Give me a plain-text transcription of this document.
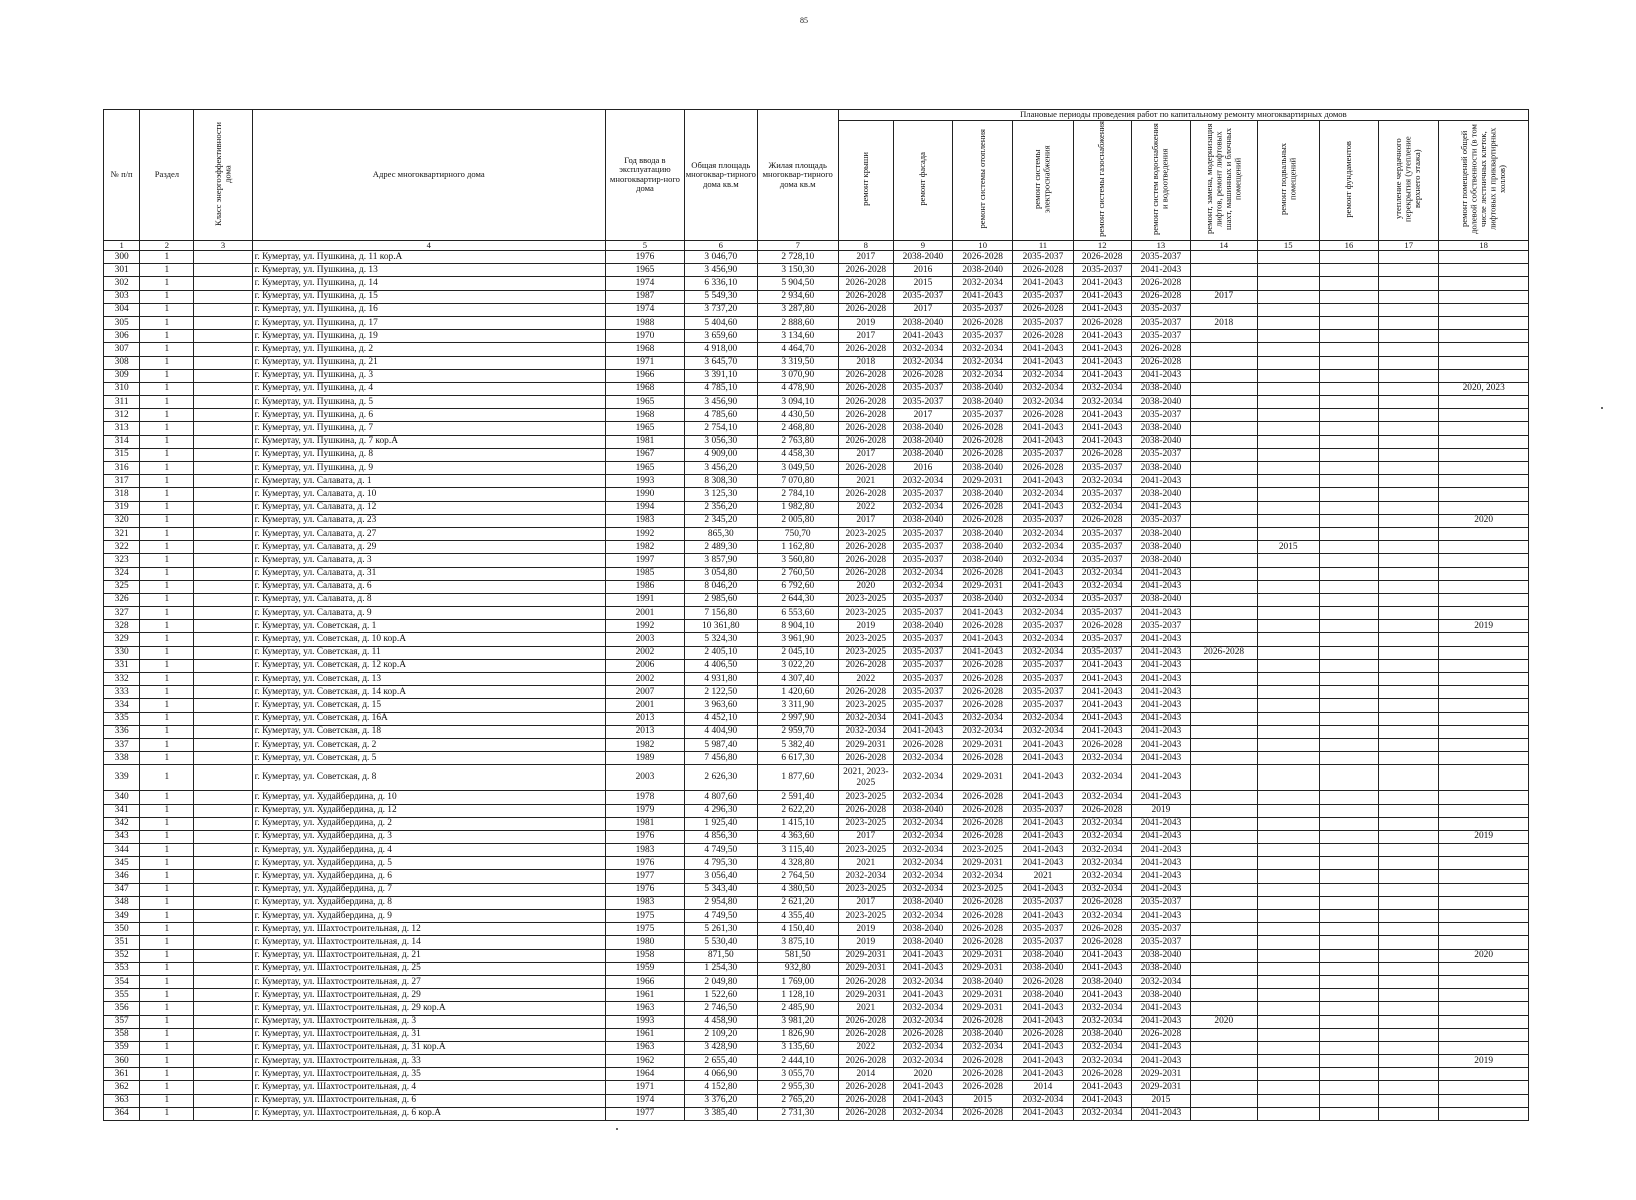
85
№ п/п	Раздел	Класс энергоэффективности дома	Адрес многоквартирного дома	Год ввода в эксплуатацию многоквартир-ного дома	Общая площадь многоквар-тирного дома кв.м	Жилая площадь многоквар-тирного дома кв.м	Плановые периоды проведения работ по капитальному ремонту многоквартирных домов										
							ремонт крыши	ремонт фасада	ремонт системы отопления	ремонт системы электроснабжения	ремонт системы газоснабжения	ремонт систем водоснабжения и водоотведения	ремонт, замена, модернизация лифтов, ремонт лифтовых шахт, машинных и блочных помещений	ремонт подвальных помещений	ремонт фундаментов	утепление чердачного перекрытия (утепление верхнего этажа)	ремонт помещений общей долевой собственности (в том числе лестничных клеток, лифтовых и приквартирных холлов)
1	2	3	4	5	6	7	8	9	10	11	12	13	14	15	16	17	18
300	1		г. Кумертау, ул. Пушкина, д. 11 кор.А	1976	3 046,70	2 728,10	2017	2038-2040	2026-2028	2035-2037	2026-2028	2035-2037					
301	1		г. Кумертау, ул. Пушкина, д. 13	1965	3 456,90	3 150,30	2026-2028	2016	2038-2040	2026-2028	2035-2037	2041-2043					
302	1		г. Кумертау, ул. Пушкина, д. 14	1974	6 336,10	5 904,50	2026-2028	2015	2032-2034	2041-2043	2041-2043	2026-2028					
303	1		г. Кумертау, ул. Пушкина, д. 15	1987	5 549,30	2 934,60	2026-2028	2035-2037	2041-2043	2035-2037	2041-2043	2026-2028	2017				
304	1		г. Кумертау, ул. Пушкина, д. 16	1974	3 737,20	3 287,80	2026-2028	2017	2035-2037	2026-2028	2041-2043	2035-2037					
305	1		г. Кумертау, ул. Пушкина, д. 17	1988	5 404,60	2 888,60	2019	2038-2040	2026-2028	2035-2037	2026-2028	2035-2037	2018				
306	1		г. Кумертау, ул. Пушкина, д. 19	1970	3 659,60	3 134,60	2017	2041-2043	2035-2037	2026-2028	2041-2043	2035-2037					
307	1		г. Кумертау, ул. Пушкина, д. 2	1968	4 918,00	4 464,70	2026-2028	2032-2034	2032-2034	2041-2043	2041-2043	2026-2028					
308	1		г. Кумертау, ул. Пушкина, д. 21	1971	3 645,70	3 319,50	2018	2032-2034	2032-2034	2041-2043	2041-2043	2026-2028					
309	1		г. Кумертау, ул. Пушкина, д. 3	1966	3 391,10	3 070,90	2026-2028	2026-2028	2032-2034	2032-2034	2041-2043	2041-2043					
310	1		г. Кумертау, ул. Пушкина, д. 4	1968	4 785,10	4 478,90	2026-2028	2035-2037	2038-2040	2032-2034	2032-2034	2038-2040					2020, 2023
311	1		г. Кумертау, ул. Пушкина, д. 5	1965	3 456,90	3 094,10	2026-2028	2035-2037	2038-2040	2032-2034	2032-2034	2038-2040					
312	1		г. Кумертау, ул. Пушкина, д. 6	1968	4 785,60	4 430,50	2026-2028	2017	2035-2037	2026-2028	2041-2043	2035-2037					
313	1		г. Кумертау, ул. Пушкина, д. 7	1965	2 754,10	2 468,80	2026-2028	2038-2040	2026-2028	2041-2043	2041-2043	2038-2040					
314	1		г. Кумертау, ул. Пушкина, д. 7 кор.А	1981	3 056,30	2 763,80	2026-2028	2038-2040	2026-2028	2041-2043	2041-2043	2038-2040					
315	1		г. Кумертау, ул. Пушкина, д. 8	1967	4 909,00	4 458,30	2017	2038-2040	2026-2028	2035-2037	2026-2028	2035-2037					
316	1		г. Кумертау, ул. Пушкина, д. 9	1965	3 456,20	3 049,50	2026-2028	2016	2038-2040	2026-2028	2035-2037	2038-2040					
317	1		г. Кумертау, ул. Салавата, д. 1	1993	8 308,30	7 070,80	2021	2032-2034	2029-2031	2041-2043	2032-2034	2041-2043					
318	1		г. Кумертау, ул. Салавата, д. 10	1990	3 125,30	2 784,10	2026-2028	2035-2037	2038-2040	2032-2034	2035-2037	2038-2040					
319	1		г. Кумертау, ул. Салавата, д. 12	1994	2 356,20	1 982,80	2022	2032-2034	2026-2028	2041-2043	2032-2034	2041-2043					
320	1		г. Кумертау, ул. Салавата, д. 23	1983	2 345,20	2 005,80	2017	2038-2040	2026-2028	2035-2037	2026-2028	2035-2037					2020
321	1		г. Кумертау, ул. Салавата, д. 27	1992	865,30	750,70	2023-2025	2035-2037	2038-2040	2032-2034	2035-2037	2038-2040					
322	1		г. Кумертау, ул. Салавата, д. 29	1982	2 489,30	1 162,80	2026-2028	2035-2037	2038-2040	2032-2034	2035-2037	2038-2040		2015			
323	1		г. Кумертау, ул. Салавата, д. 3	1997	3 857,90	3 560,80	2026-2028	2035-2037	2038-2040	2032-2034	2035-2037	2038-2040					
324	1		г. Кумертау, ул. Салавата, д. 31	1985	3 054,80	2 760,50	2026-2028	2032-2034	2026-2028	2041-2043	2032-2034	2041-2043					
325	1		г. Кумертау, ул. Салавата, д. 6	1986	8 046,20	6 792,60	2020	2032-2034	2029-2031	2041-2043	2032-2034	2041-2043					
326	1		г. Кумертау, ул. Салавата, д. 8	1991	2 985,60	2 644,30	2023-2025	2035-2037	2038-2040	2032-2034	2035-2037	2038-2040					
327	1		г. Кумертау, ул. Салавата, д. 9	2001	7 156,80	6 553,60	2023-2025	2035-2037	2041-2043	2032-2034	2035-2037	2041-2043					
328	1		г. Кумертау, ул. Советская, д. 1	1992	10 361,80	8 904,10	2019	2038-2040	2026-2028	2035-2037	2026-2028	2035-2037					2019
329	1		г. Кумертау, ул. Советская, д. 10 кор.А	2003	5 324,30	3 961,90	2023-2025	2035-2037	2041-2043	2032-2034	2035-2037	2041-2043					
330	1		г. Кумертау, ул. Советская, д. 11	2002	2 405,10	2 045,10	2023-2025	2035-2037	2041-2043	2032-2034	2035-2037	2041-2043	2026-2028				
331	1		г. Кумертау, ул. Советская, д. 12 кор.А	2006	4 406,50	3 022,20	2026-2028	2035-2037	2026-2028	2035-2037	2041-2043	2041-2043					
332	1		г. Кумертау, ул. Советская, д. 13	2002	4 931,80	4 307,40	2022	2035-2037	2026-2028	2035-2037	2041-2043	2041-2043					
333	1		г. Кумертау, ул. Советская, д. 14 кор.А	2007	2 122,50	1 420,60	2026-2028	2035-2037	2026-2028	2035-2037	2041-2043	2041-2043					
334	1		г. Кумертау, ул. Советская, д. 15	2001	3 963,60	3 311,90	2023-2025	2035-2037	2026-2028	2035-2037	2041-2043	2041-2043					
335	1		г. Кумертау, ул. Советская, д. 16А	2013	4 452,10	2 997,90	2032-2034	2041-2043	2032-2034	2032-2034	2041-2043	2041-2043					
336	1		г. Кумертау, ул. Советская, д. 18	2013	4 404,90	2 959,70	2032-2034	2041-2043	2032-2034	2032-2034	2041-2043	2041-2043					
337	1		г. Кумертау, ул. Советская, д. 2	1982	5 987,40	5 382,40	2029-2031	2026-2028	2029-2031	2041-2043	2026-2028	2041-2043					
338	1		г. Кумертау, ул. Советская, д. 5	1989	7 456,80	6 617,30	2026-2028	2032-2034	2026-2028	2041-2043	2032-2034	2041-2043					
339	1		г. Кумертау, ул. Советская, д. 8	2003	2 626,30	1 877,60	2021, 2023-2025	2032-2034	2029-2031	2041-2043	2032-2034	2041-2043					
340	1		г. Кумертау, ул. Худайбердина, д. 10	1978	4 807,60	2 591,40	2023-2025	2032-2034	2026-2028	2041-2043	2032-2034	2041-2043					
341	1		г. Кумертау, ул. Худайбердина, д. 12	1979	4 296,30	2 622,20	2026-2028	2038-2040	2026-2028	2035-2037	2026-2028	2019					
342	1		г. Кумертау, ул. Худайбердина, д. 2	1981	1 925,40	1 415,10	2023-2025	2032-2034	2026-2028	2041-2043	2032-2034	2041-2043					
343	1		г. Кумертау, ул. Худайбердина, д. 3	1976	4 856,30	4 363,60	2017	2032-2034	2026-2028	2041-2043	2032-2034	2041-2043					2019
344	1		г. Кумертау, ул. Худайбердина, д. 4	1983	4 749,50	3 115,40	2023-2025	2032-2034	2023-2025	2041-2043	2032-2034	2041-2043					
345	1		г. Кумертау, ул. Худайбердина, д. 5	1976	4 795,30	4 328,80	2021	2032-2034	2029-2031	2041-2043	2032-2034	2041-2043					
346	1		г. Кумертау, ул. Худайбердина, д. 6	1977	3 056,40	2 764,50	2032-2034	2032-2034	2032-2034	2021	2032-2034	2041-2043					
347	1		г. Кумертау, ул. Худайбердина, д. 7	1976	5 343,40	4 380,50	2023-2025	2032-2034	2023-2025	2041-2043	2032-2034	2041-2043					
348	1		г. Кумертау, ул. Худайбердина, д. 8	1983	2 954,80	2 621,20	2017	2038-2040	2026-2028	2035-2037	2026-2028	2035-2037					
349	1		г. Кумертау, ул. Худайбердина, д. 9	1975	4 749,50	4 355,40	2023-2025	2032-2034	2026-2028	2041-2043	2032-2034	2041-2043					
350	1		г. Кумертау, ул. Шахтостроительная, д. 12	1975	5 261,30	4 150,40	2019	2038-2040	2026-2028	2035-2037	2026-2028	2035-2037					
351	1		г. Кумертау, ул. Шахтостроительная, д. 14	1980	5 530,40	3 875,10	2019	2038-2040	2026-2028	2035-2037	2026-2028	2035-2037					
352	1		г. Кумертау, ул. Шахтостроительная, д. 21	1958	871,50	581,50	2029-2031	2041-2043	2029-2031	2038-2040	2041-2043	2038-2040					2020
353	1		г. Кумертау, ул. Шахтостроительная, д. 25	1959	1 254,30	932,80	2029-2031	2041-2043	2029-2031	2038-2040	2041-2043	2038-2040					
354	1		г. Кумертау, ул. Шахтостроительная, д. 27	1966	2 049,80	1 769,00	2026-2028	2032-2034	2038-2040	2026-2028	2038-2040	2032-2034					
355	1		г. Кумертау, ул. Шахтостроительная, д. 29	1961	1 522,60	1 128,10	2029-2031	2041-2043	2029-2031	2038-2040	2041-2043	2038-2040					
356	1		г. Кумертау, ул. Шахтостроительная, д. 29 кор.А	1963	2 746,50	2 485,90	2021	2032-2034	2029-2031	2041-2043	2032-2034	2041-2043					
357	1		г. Кумертау, ул. Шахтостроительная, д. 3	1993	4 458,90	3 981,20	2026-2028	2032-2034	2026-2028	2041-2043	2032-2034	2041-2043	2020				
358	1		г. Кумертау, ул. Шахтостроительная, д. 31	1961	2 109,20	1 826,90	2026-2028	2026-2028	2038-2040	2026-2028	2038-2040	2026-2028					
359	1		г. Кумертау, ул. Шахтостроительная, д. 31 кор.А	1963	3 428,90	3 135,60	2022	2032-2034	2032-2034	2041-2043	2032-2034	2041-2043					
360	1		г. Кумертау, ул. Шахтостроительная, д. 33	1962	2 655,40	2 444,10	2026-2028	2032-2034	2026-2028	2041-2043	2032-2034	2041-2043					2019
361	1		г. Кумертау, ул. Шахтостроительная, д. 35	1964	4 066,90	3 055,70	2014	2020	2026-2028	2041-2043	2026-2028	2029-2031					
362	1		г. Кумертау, ул. Шахтостроительная, д. 4	1971	4 152,80	2 955,30	2026-2028	2041-2043	2026-2028	2014	2041-2043	2029-2031					
363	1		г. Кумертау, ул. Шахтостроительная, д. 6	1974	3 376,20	2 765,20	2026-2028	2041-2043	2015	2032-2034	2041-2043	2015					
364	1		г. Кумертау, ул. Шахтостроительная, д. 6 кор.А	1977	3 385,40	2 731,30	2026-2028	2032-2034	2026-2028	2041-2043	2032-2034	2041-2043					
